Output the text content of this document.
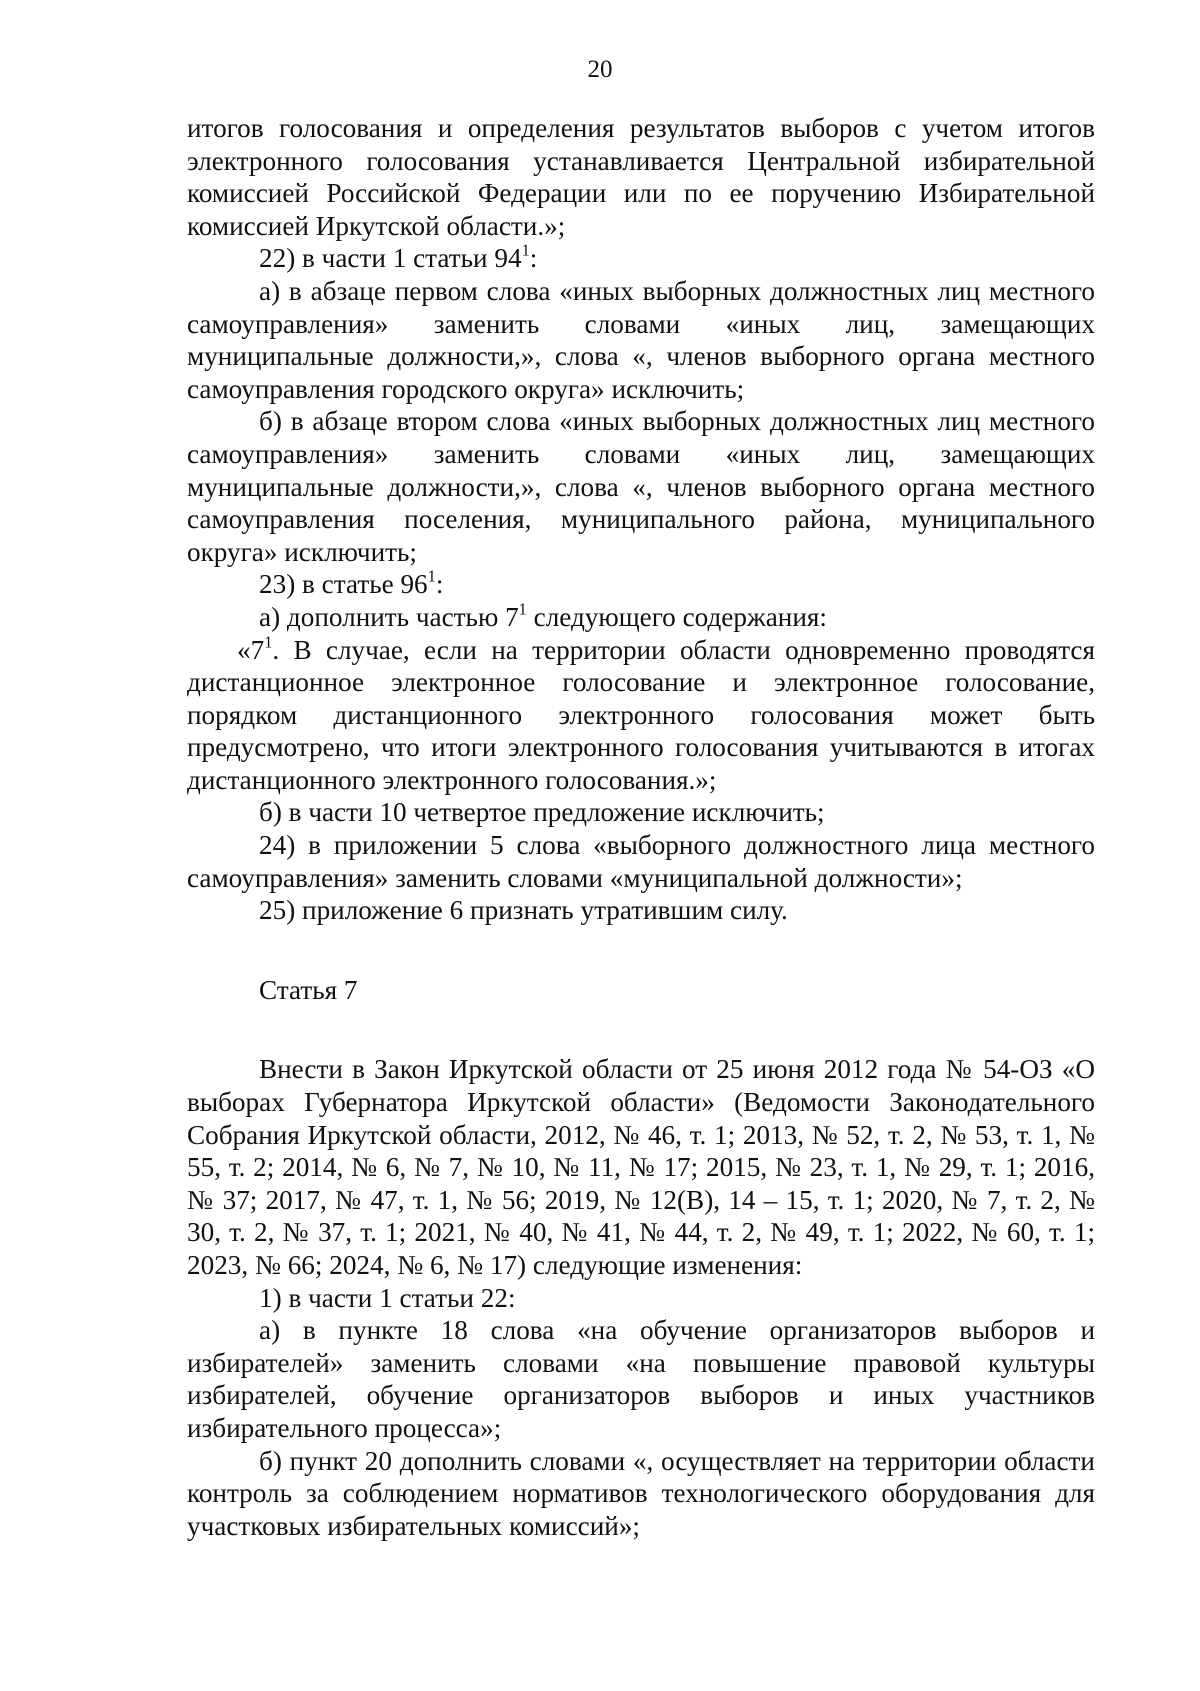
20

итогов голосования и определения результатов выборов с учетом итогов электронного голосования устанавливается Центральной избирательной комиссией Российской Федерации или по ее поручению Избирательной комиссией Иркутской области.»;

22) в части 1 статьи $94^1$:

а) в абзаце первом слова «иных выборных должностных лиц местного самоуправления» заменить словами «иных лиц, замещающих муниципальные должности,», слова «, членов выборного органа местного самоуправления городского округа» исключить;

б) в абзаце втором слова «иных выборных должностных лиц местного самоуправления» заменить словами «иных лиц, замещающих муниципальные должности,», слова «, членов выборного органа местного самоуправления поселения, муниципального района, муниципального округа» исключить;

23) в статье $96^1$:

а) дополнить частью $7^1$ следующего содержания:

«$7^1$. В случае, если на территории области одновременно проводятся дистанционное электронное голосование и электронное голосование, порядком дистанционного электронного голосования может быть предусмотрено, что итоги электронного голосования учитываются в итогах дистанционного электронного голосования.»;

б) в части 10 четвертое предложение исключить;

24) в приложении 5 слова «выборного должностного лица местного самоуправления» заменить словами «муниципальной должности»;

25) приложение 6 признать утратившим силу.

Статья 7

Внести в Закон Иркутской области от 25 июня 2012 года № 54-ОЗ «О выборах Губернатора Иркутской области» (Ведомости Законодательного Собрания Иркутской области, 2012, № 46, т. 1; 2013, № 52, т. 2, № 53, т. 1, № 55, т. 2; 2014, № 6, № 7, № 10, № 11, № 17; 2015, № 23, т. 1, № 29, т. 1; 2016, № 37; 2017, № 47, т. 1, № 56; 2019, № 12(В), 14 – 15, т. 1; 2020, № 7, т. 2, № 30, т. 2, № 37, т. 1; 2021, № 40, № 41, № 44, т. 2, № 49, т. 1; 2022, № 60, т. 1; 2023, № 66; 2024, № 6, № 17) следующие изменения:

1) в части 1 статьи 22:

а) в пункте 18 слова «на обучение организаторов выборов и избирателей» заменить словами «на повышение правовой культуры избирателей, обучение организаторов выборов и иных участников избирательного процесса»;

б) пункт 20 дополнить словами «, осуществляет на территории области контроль за соблюдением нормативов технологического оборудования для участковых избирательных комиссий»;
